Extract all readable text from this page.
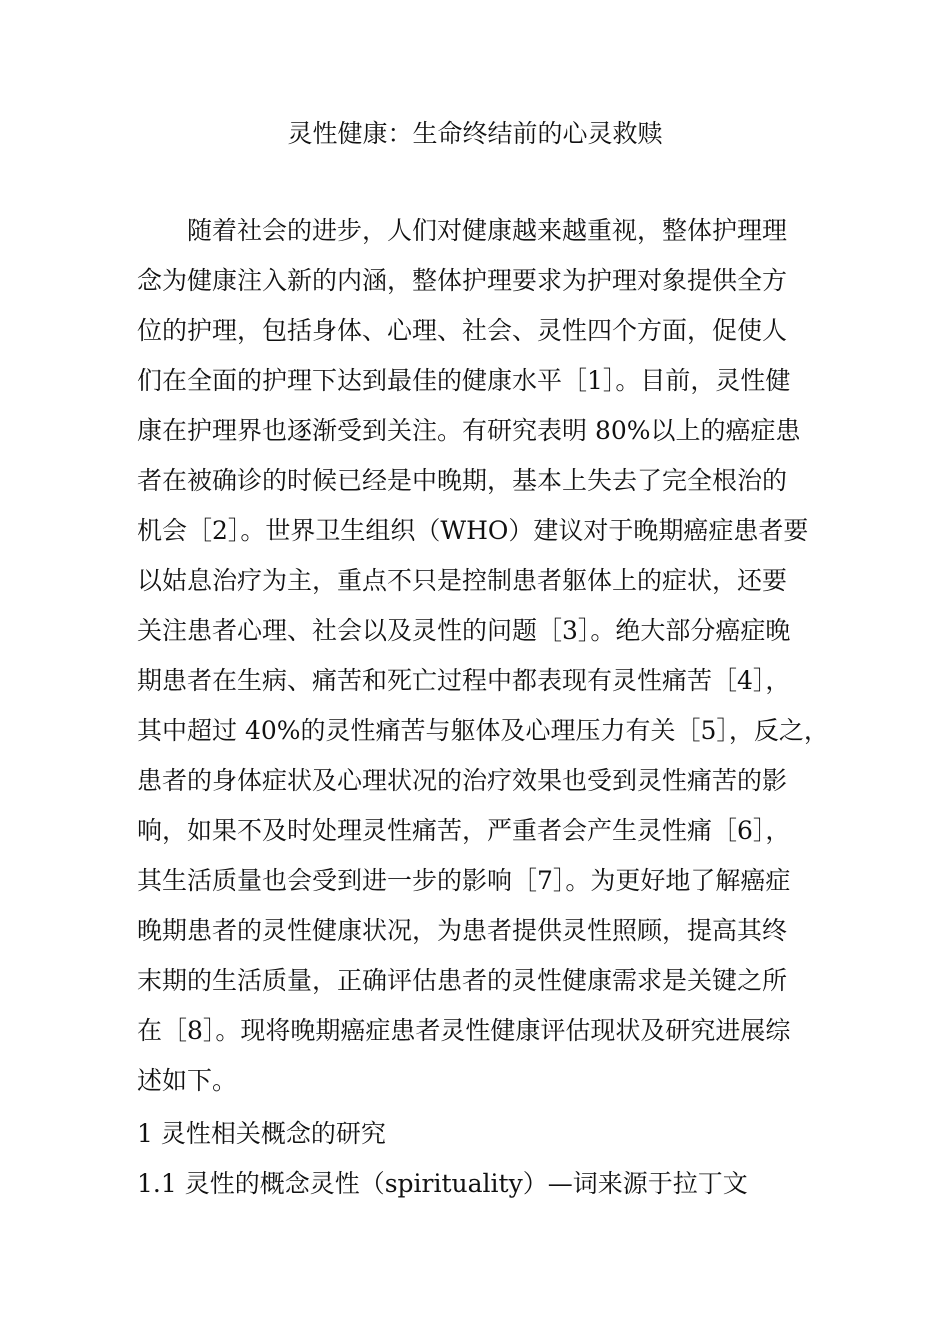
灵性健康：生命终结前的心灵救赎
随着社会的进步，人们对健康越来越重视，整体护理理
念为健康注入新的内涵，整体护理要求为护理对象提供全方
位的护理，包括身体、心理、社会、灵性四个方面，促使人
们在全面的护理下达到最佳的健康水平［1］。目前，灵性健
康在护理界也逐渐受到关注。有研究表明 80%以上的癌症患
者在被确诊的时候已经是中晚期，基本上失去了完全根治的
机会［2］。世界卫生组织（WHO）建议对于晚期癌症患者要
以姑息治疗为主，重点不只是控制患者躯体上的症状，还要
关注患者心理、社会以及灵性的问题［3］。绝大部分癌症晚
期患者在生病、痛苦和死亡过程中都表现有灵性痛苦［4］，
其中超过 40%的灵性痛苦与躯体及心理压力有关［5］，反之，
患者的身体症状及心理状况的治疗效果也受到灵性痛苦的影
响，如果不及时处理灵性痛苦，严重者会产生灵性痛［6］，
其生活质量也会受到进一步的影响［7］。为更好地了解癌症
晚期患者的灵性健康状况，为患者提供灵性照顾，提高其终
末期的生活质量，正确评估患者的灵性健康需求是关键之所
在［8］。现将晚期癌症患者灵性健康评估现状及研究进展综
述如下。
1 灵性相关概念的研究
1.1 灵性的概念灵性（spirituality）—词来源于拉丁文
